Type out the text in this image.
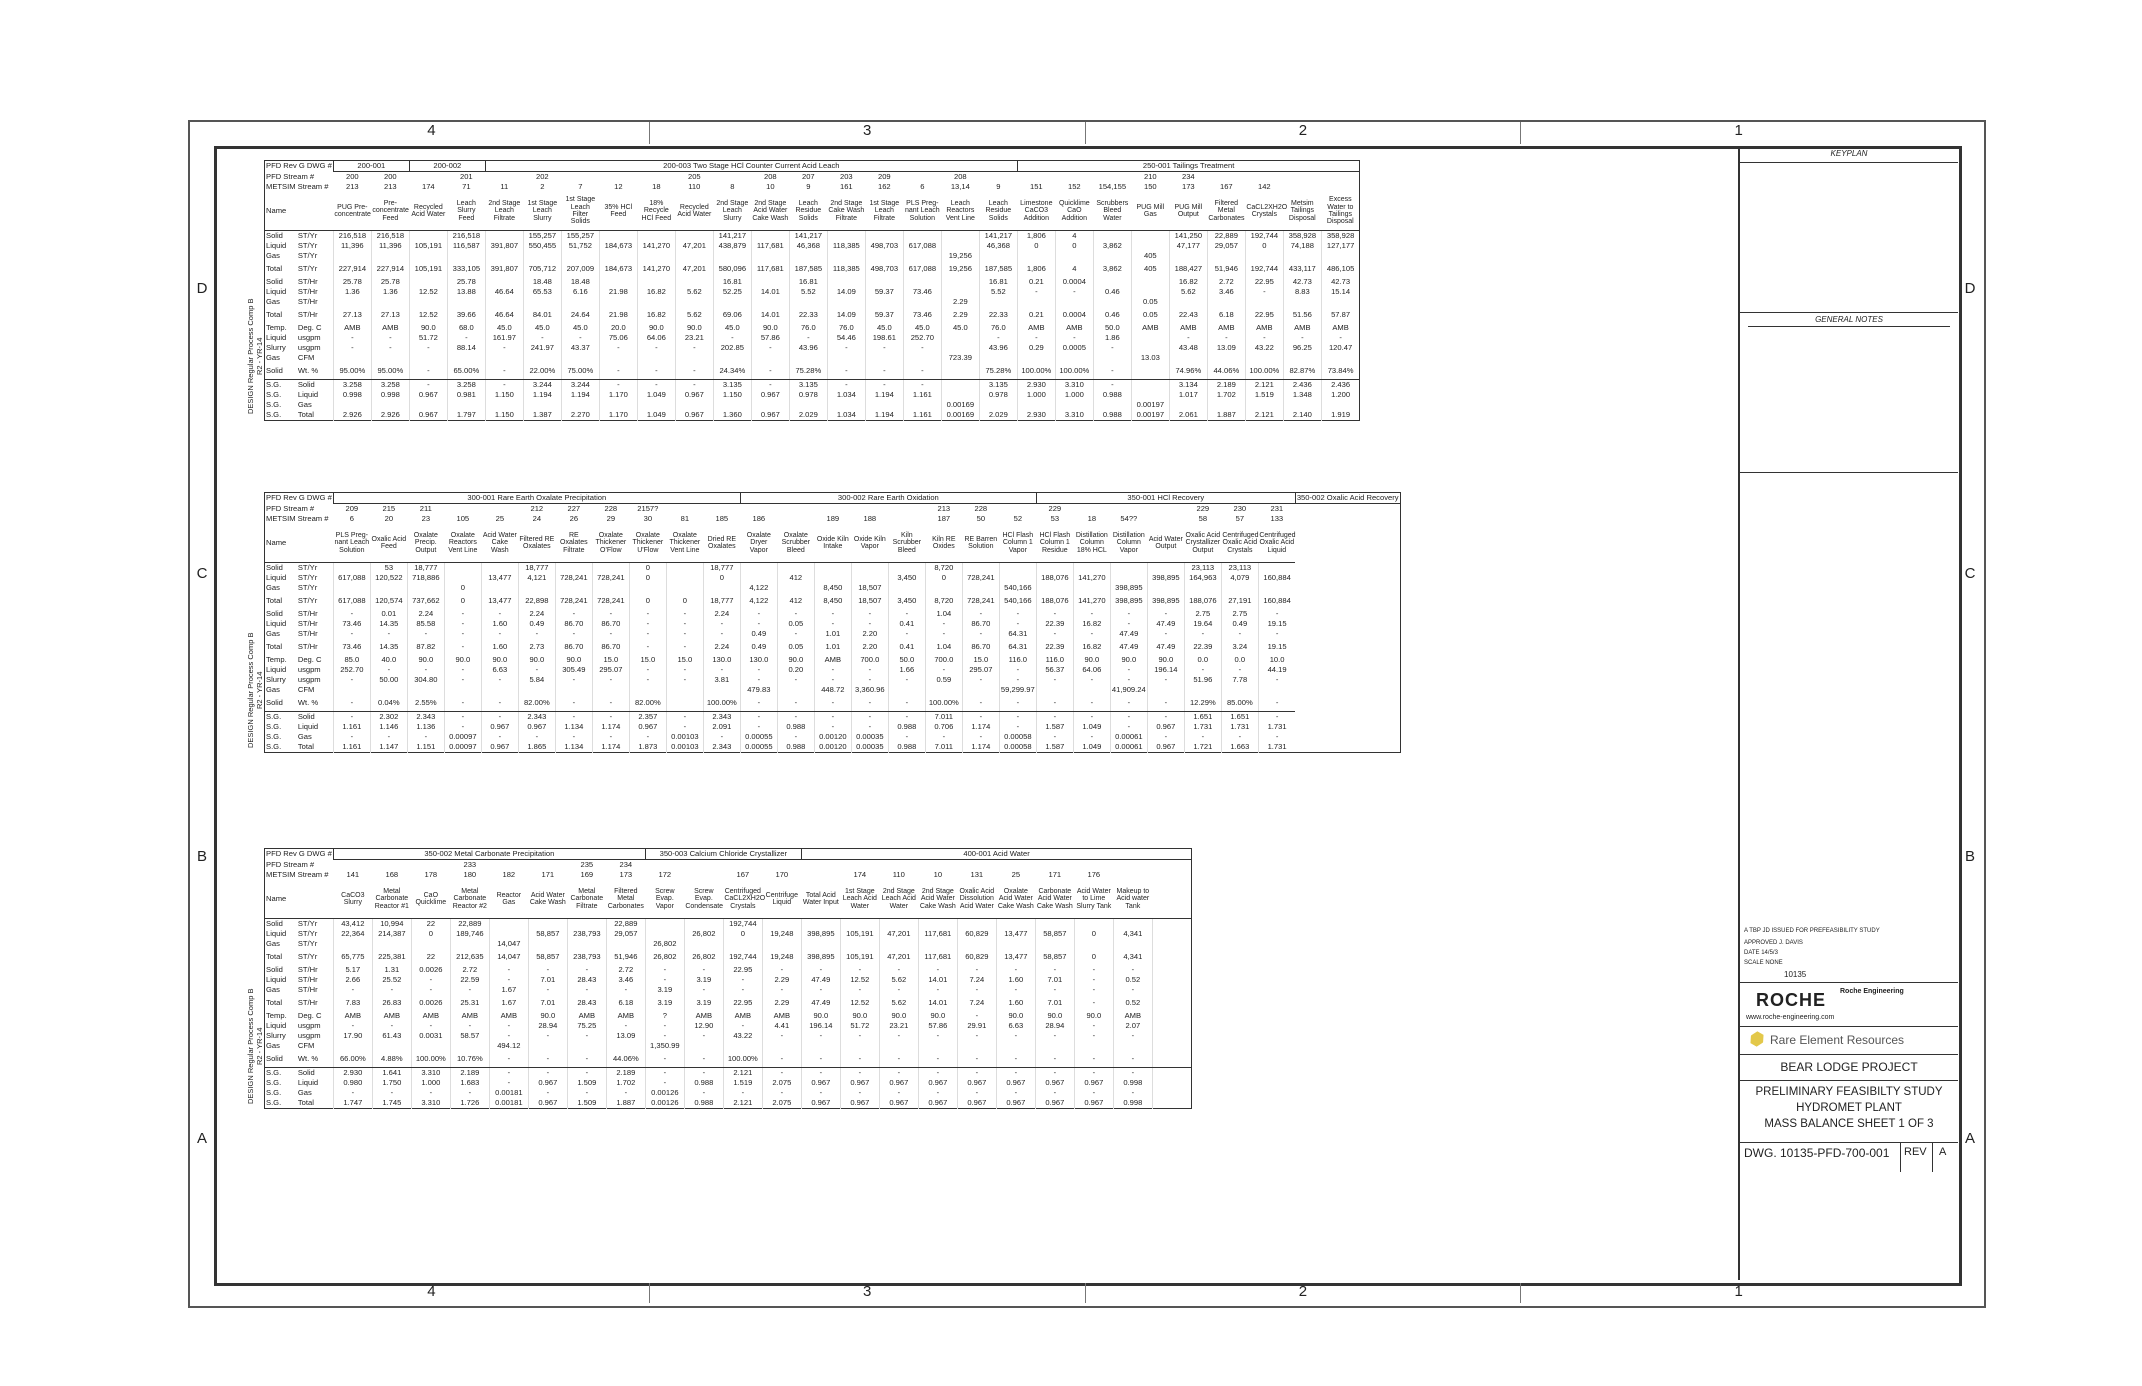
4	3	2	1
4	3	2	1
D
C
B
A
D
C
B
A
PFD Rev G DWG #		200-001		200-002		200-003 Two Stage HCl Counter Current Acid Leach														250-001 Tailings Treatment								
PFD Stream #		200	200		201		202				205		208	207	203	209		208					210	234				
METSIM Stream #		213	213	174	71	11	2	7	12	18	110	8	10	9	161	162	6	13,14	9	151	152	154,155	150	173	167	142		
Name		PUG Pre-concentrate	Pre-concentrate Feed	Recycled Acid Water	Leach Slurry Feed	2nd Stage Leach Filtrate	1st Stage Leach Slurry	1st Stage Leach Filter Solids	35% HCl Feed	18% Recycle HCl Feed	Recycled Acid Water	2nd Stage Leach Slurry	2nd Stage Acid Water Cake Wash	Leach Residue Solids	2nd Stage Cake Wash Filtrate	1st Stage Leach Filtrate	PLS Preg-nant Leach Solution	Leach Reactors Vent Line	Leach Residue Solids	Limestone CaCO3 Addition	Quicklime CaO Addition	Scrubbers Bleed Water	PUG Mill Gas	PUG Mill Output	Filtered Metal Carbonates	CaCL2XH2O Crystals	Metsim Tailings Disposal	Excess Water to Tailings Disposal
Solid	ST/Yr	216,518	216,518		216,518		155,257	155,257				141,217		141,217					141,217	1,806	4			141,250	22,889	192,744	358,928	358,928
Liquid	ST/Yr	11,396	11,396	105,191	116,587	391,807	550,455	51,752	184,673	141,270	47,201	438,879	117,681	46,368	118,385	498,703	617,088		46,368	0	0	3,862		47,177	29,057	0	74,188	127,177
Gas	ST/Yr																	19,256					405					
Total	ST/Yr	227,914	227,914	105,191	333,105	391,807	705,712	207,009	184,673	141,270	47,201	580,096	117,681	187,585	118,385	498,703	617,088	19,256	187,585	1,806	4	3,862	405	188,427	51,946	192,744	433,117	486,105
Solid	ST/Hr	25.78	25.78		25.78		18.48	18.48				16.81		16.81					16.81	0.21	0.0004			16.82	2.72	22.95	42.73	42.73
Liquid	ST/Hr	1.36	1.36	12.52	13.88	46.64	65.53	6.16	21.98	16.82	5.62	52.25	14.01	5.52	14.09	59.37	73.46		5.52	-	-	0.46		5.62	3.46	-	8.83	15.14
Gas	ST/Hr																	2.29					0.05					
Total	ST/Hr	27.13	27.13	12.52	39.66	46.64	84.01	24.64	21.98	16.82	5.62	69.06	14.01	22.33	14.09	59.37	73.46	2.29	22.33	0.21	0.0004	0.46	0.05	22.43	6.18	22.95	51.56	57.87
Temp.	Deg. C	AMB	AMB	90.0	68.0	45.0	45.0	45.0	20.0	90.0	90.0	45.0	90.0	76.0	76.0	45.0	45.0	45.0	76.0	AMB	AMB	50.0	AMB	AMB	AMB	AMB	AMB	AMB
Liquid	usgpm	-	-	51.72	-	161.97	-	-	75.06	64.06	23.21	-	57.86	-	54.46	198.61	252.70		-	-	-	1.86		-	-	-	-	-
Slurry	usgpm	-	-	-	88.14	-	241.97	43.37	-	-	-	202.85	-	43.96	-	-	-		43.96	0.29	0.0005	-		43.48	13.09	43.22	96.25	120.47
Gas	CFM																	723.39					13.03					
Solid	Wt. %	95.00%	95.00%	-	65.00%	-	22.00%	75.00%	-	-	-	24.34%	-	75.28%	-	-	-		75.28%	100.00%	100.00%	-		74.96%	44.06%	100.00%	82.87%	73.84%
S.G.	Solid	3.258	3.258	-	3.258	-	3.244	3.244	-	-	-	3.135	-	3.135	-	-	-		3.135	2.930	3.310	-		3.134	2.189	2.121	2.436	2.436
S.G.	Liquid	0.998	0.998	0.967	0.981	1.150	1.194	1.194	1.170	1.049	0.967	1.150	0.967	0.978	1.034	1.194	1.161		0.978	1.000	1.000	0.988		1.017	1.702	1.519	1.348	1.200
S.G.	Gas																	0.00169					0.00197					
S.G.	Total	2.926	2.926	0.967	1.797	1.150	1.387	2.270	1.170	1.049	0.967	1.360	0.967	2.029	1.034	1.194	1.161	0.00169	2.029	2.930	3.310	0.988	0.00197	2.061	1.887	2.121	2.140	1.919
PFD Rev G DWG #		300-001 Rare Earth Oxalate Precipitation											300-002 Rare Earth Oxidation								350-001 HCl Recovery							350-002 Oxalic Acid Recovery
PFD Stream #		209	215	211			212	227	228	2157?								213	228		229				229	230	231	
METSIM Stream #		6	20	23	105	25	24	26	29	30	81	185	186		189	188		187	50	52	53	18	54??		58	57	133	
Name		PLS Preg-nant Leach Solution	Oxalic Acid Feed	Oxalate Precip. Output	Oxalate Reactors Vent Line	Acid Water Cake Wash	Filtered RE Oxalates	RE Oxalates Filtrate	Oxalate Thickener O'Flow	Oxalate Thickener U'Flow	Oxalate Thickener Vent Line	Dried RE Oxalates	Oxalate Dryer Vapor	Oxalate Scrubber Bleed	Oxide Kiln Intake	Oxide Kiln Vapor	Kiln Scrubber Bleed	Kiln RE Oxides	RE Barren Solution	HCl Flash Column 1 Vapor	HCl Flash Column 1 Residue	Distillation Column 18% HCL	Distillation Column Vapor	Acid Water Output	Oxalic Acid Crystallizer Output	Centrifuged Oxalic Acid Crystals	Centrifuged Oxalic Acid Liquid	
Solid	ST/Yr		53	18,777			18,777			0		18,777						8,720							23,113	23,113		
Liquid	ST/Yr	617,088	120,522	718,886		13,477	4,121	728,241	728,241	0		0		412			3,450	0	728,241		188,076	141,270		398,895	164,963	4,079	160,884	
Gas	ST/Yr				0								4,122		8,450	18,507				540,166			398,895					
Total	ST/Yr	617,088	120,574	737,662	0	13,477	22,898	728,241	728,241	0	0	18,777	4,122	412	8,450	18,507	3,450	8,720	728,241	540,166	188,076	141,270	398,895	398,895	188,076	27,191	160,884	
Solid	ST/Hr	-	0.01	2.24	-	-	2.24	-	-	-	-	2.24	-	-	-	-	-	1.04	-	-	-	-	-	-	2.75	2.75	-	
Liquid	ST/Hr	73.46	14.35	85.58	-	1.60	0.49	86.70	86.70	-	-	-	-	0.05	-	-	0.41	-	86.70	-	22.39	16.82	-	47.49	19.64	0.49	19.15	
Gas	ST/Hr	-	-	-	-	-	-	-	-	-	-	-	0.49	-	1.01	2.20	-	-	-	64.31	-	-	47.49	-	-	-	-	
Total	ST/Hr	73.46	14.35	87.82	-	1.60	2.73	86.70	86.70	-	-	2.24	0.49	0.05	1.01	2.20	0.41	1.04	86.70	64.31	22.39	16.82	47.49	47.49	22.39	3.24	19.15	
Temp.	Deg. C	85.0	40.0	90.0	90.0	90.0	90.0	90.0	15.0	15.0	15.0	130.0	130.0	90.0	AMB	700.0	50.0	700.0	15.0	116.0	116.0	90.0	90.0	90.0	0.0	0.0	10.0	
Liquid	usgpm	252.70	-	-	-	6.63	-	305.49	295.07	-	-	-	-	0.20	-	-	1.66	-	295.07	-	56.37	64.06	-	196.14	-	-	44.19	
Slurry	usgpm	-	50.00	304.80	-	-	5.84	-	-	-	-	3.81	-	-	-	-	-	0.59	-	-	-	-	-	-	51.96	7.78	-	
Gas	CFM												479.83		448.72	3,360.96				59,299.97			41,909.24					
Solid	Wt. %	-	0.04%	2.55%	-	-	82.00%	-	-	82.00%		100.00%	-	-	-	-	-	100.00%	-	-	-	-	-	-	12.29%	85.00%	-	
S.G.	Solid	-	2.302	2.343	-	-	2.343	-	-	2.357	-	2.343	-	-	-	-	-	7.011	-	-	-	-	-	-	1.651	1.651	-	
S.G.	Liquid	1.161	1.146	1.136	-	0.967	0.967	1.134	1.174	0.967	-	2.091	-	0.988	-	-	0.988	0.706	1.174	-	1.587	1.049	-	0.967	1.731	1.731	1.731	
S.G.	Gas	-	-	-	0.00097	-	-	-	-	-	0.00103	-	0.00055	-	0.00120	0.00035	-	-	-	0.00058	-	-	0.00061	-	-	-	-	
S.G.	Total	1.161	1.147	1.151	0.00097	0.967	1.865	1.134	1.174	1.873	0.00103	2.343	0.00055	0.988	0.00120	0.00035	0.988	7.011	1.174	0.00058	1.587	1.049	0.00061	0.967	1.721	1.663	1.731	
PFD Rev G DWG #		350-002 Metal Carbonate Precipitation								350-003 Calcium Chloride Crystallizer				400-001 Acid Water									
PFD Stream #					233			235	234														
METSIM Stream #		141	168	178	180	182	171	169	173	172		167	170		174	110	10	131	25	171	176		
Name		CaCO3 Slurry	Metal Carbonate Reactor #1	CaO Quicklime	Metal Carbonate Reactor #2	Reactor Gas	Acid Water Cake Wash	Metal Carbonate Filtrate	Filtered Metal Carbonates	Screw Evap. Vapor	Screw Evap. Condensate	Centrifuged CaCL2XH2O Crystals	Centrifuge Liquid	Total Acid Water Input	1st Stage Leach Acid Water	2nd Stage Leach Acid Water	2nd Stage Acid Water Cake Wash	Oxalic Acid Dissolution Acid Water	Oxalate Acid Water Cake Wash	Carbonate Acid Water Cake Wash	Acid Water to Lime Slurry Tank	Makeup to Acid water Tank	
Solid	ST/Yr	43,412	10,994	22	22,889				22,889			192,744											
Liquid	ST/Yr	22,364	214,387	0	189,746		58,857	238,793	29,057		26,802	0	19,248	398,895	105,191	47,201	117,681	60,829	13,477	58,857	0	4,341	
Gas	ST/Yr					14,047				26,802													
Total	ST/Yr	65,775	225,381	22	212,635	14,047	58,857	238,793	51,946	26,802	26,802	192,744	19,248	398,895	105,191	47,201	117,681	60,829	13,477	58,857	0	4,341	
Solid	ST/Hr	5.17	1.31	0.0026	2.72	-	-	-	2.72	-	-	22.95	-	-	-	-	-	-	-	-	-	-	
Liquid	ST/Hr	2.66	25.52	-	22.59	-	7.01	28.43	3.46	-	3.19	-	2.29	47.49	12.52	5.62	14.01	7.24	1.60	7.01	-	0.52	
Gas	ST/Hr	-	-	-	-	1.67	-	-	-	3.19	-	-	-	-	-	-	-	-	-	-	-	-	
Total	ST/Hr	7.83	26.83	0.0026	25.31	1.67	7.01	28.43	6.18	3.19	3.19	22.95	2.29	47.49	12.52	5.62	14.01	7.24	1.60	7.01	-	0.52	
Temp.	Deg. C	AMB	AMB	AMB	AMB	AMB	90.0	AMB	AMB	?	AMB	AMB	AMB	90.0	90.0	90.0	90.0	-	90.0	90.0	90.0	AMB	
Liquid	usgpm	-	-	-	-	-	28.94	75.25	-	-	12.90	-	4.41	196.14	51.72	23.21	57.86	29.91	6.63	28.94	-	2.07	
Slurry	usgpm	17.90	61.43	0.0031	58.57	-	-	-	13.09	-	-	43.22	-	-	-	-	-	-	-	-	-	-	
Gas	CFM					494.12				1,350.99													
Solid	Wt. %	66.00%	4.88%	100.00%	10.76%	-	-	-	44.06%	-	-	100.00%	-	-	-	-	-	-	-	-	-	-	
S.G.	Solid	2.930	1.641	3.310	2.189	-	-	-	2.189	-	-	2.121	-	-	-	-	-	-	-	-	-	-	
S.G.	Liquid	0.980	1.750	1.000	1.683	-	0.967	1.509	1.702	-	0.988	1.519	2.075	0.967	0.967	0.967	0.967	0.967	0.967	0.967	0.967	0.998	
S.G.	Gas	-	-	-	-	0.00181	-	-	-	0.00126	-	-	-	-	-	-	-	-	-	-	-	-	
S.G.	Total	1.747	1.745	3.310	1.726	0.00181	0.967	1.509	1.887	0.00126	0.988	2.121	2.075	0.967	0.967	0.967	0.967	0.967	0.967	0.967	0.967	0.998	
KEYPLAN
GENERAL NOTES
A TBP JD ISSUED FOR PREFEASIBILITY STUDY
APPROVED J. DAVIS
DATE 14/5/3
SCALE NONE
10135
ROCHE Roche Engineering
www.roche-engineering.com
Rare Element Resources
BEAR LODGE PROJECT
PRELIMINARY FEASIBILTY STUDY
HYDROMET PLANT
MASS BALANCE SHEET 1 OF 3
DWG. 10135-PFD-700-001	REV	A
DESIGN Regular Process Comp B R2 - YR-14
DESIGN Regular Process Comp B R2 - YR-14
DESIGN Regular Process Comp B R2 - YR-14
